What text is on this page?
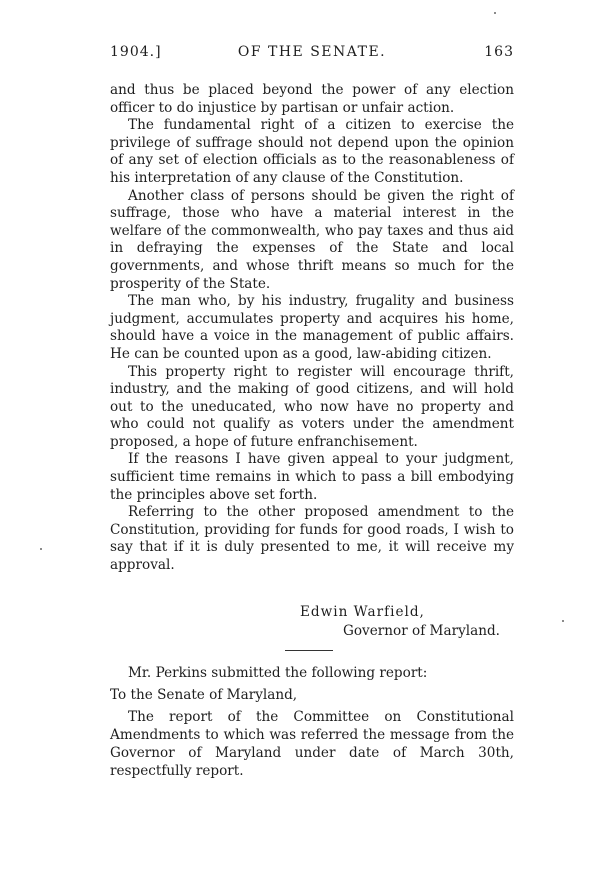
1904.]	OF THE SENATE.	163

and thus be placed beyond the power of any election officer to do injustice by partisan or unfair action.

The fundamental right of a citizen to exercise the privilege of suffrage should not depend upon the opinion of any set of election officials as to the reasonableness of his interpretation of any clause of the Constitution.

Another class of persons should be given the right of suffrage, those who have a material interest in the welfare of the commonwealth, who pay taxes and thus aid in defraying the expenses of the State and local governments, and whose thrift means so much for the prosperity of the State.

The man who, by his industry, frugality and business judgment, accumulates property and acquires his home, should have a voice in the management of public affairs. He can be counted upon as a good, law-abiding citizen.

This property right to register will encourage thrift, industry, and the making of good citizens, and will hold out to the uneducated, who now have no property and who could not qualify as voters under the amendment proposed, a hope of future enfranchisement.

If the reasons I have given appeal to your judgment, sufficient time remains in which to pass a bill embodying the principles above set forth.

Referring to the other proposed amendment to the Constitution, providing for funds for good roads, I wish to say that if it is duly presented to me, it will receive my approval.

Edwin Warfield,
Governor of Maryland.

Mr. Perkins submitted the following report:

To the Senate of Maryland,

The report of the Committee on Constitutional Amendments to which was referred the message from the Governor of Maryland under date of March 30th, respectfully report.
